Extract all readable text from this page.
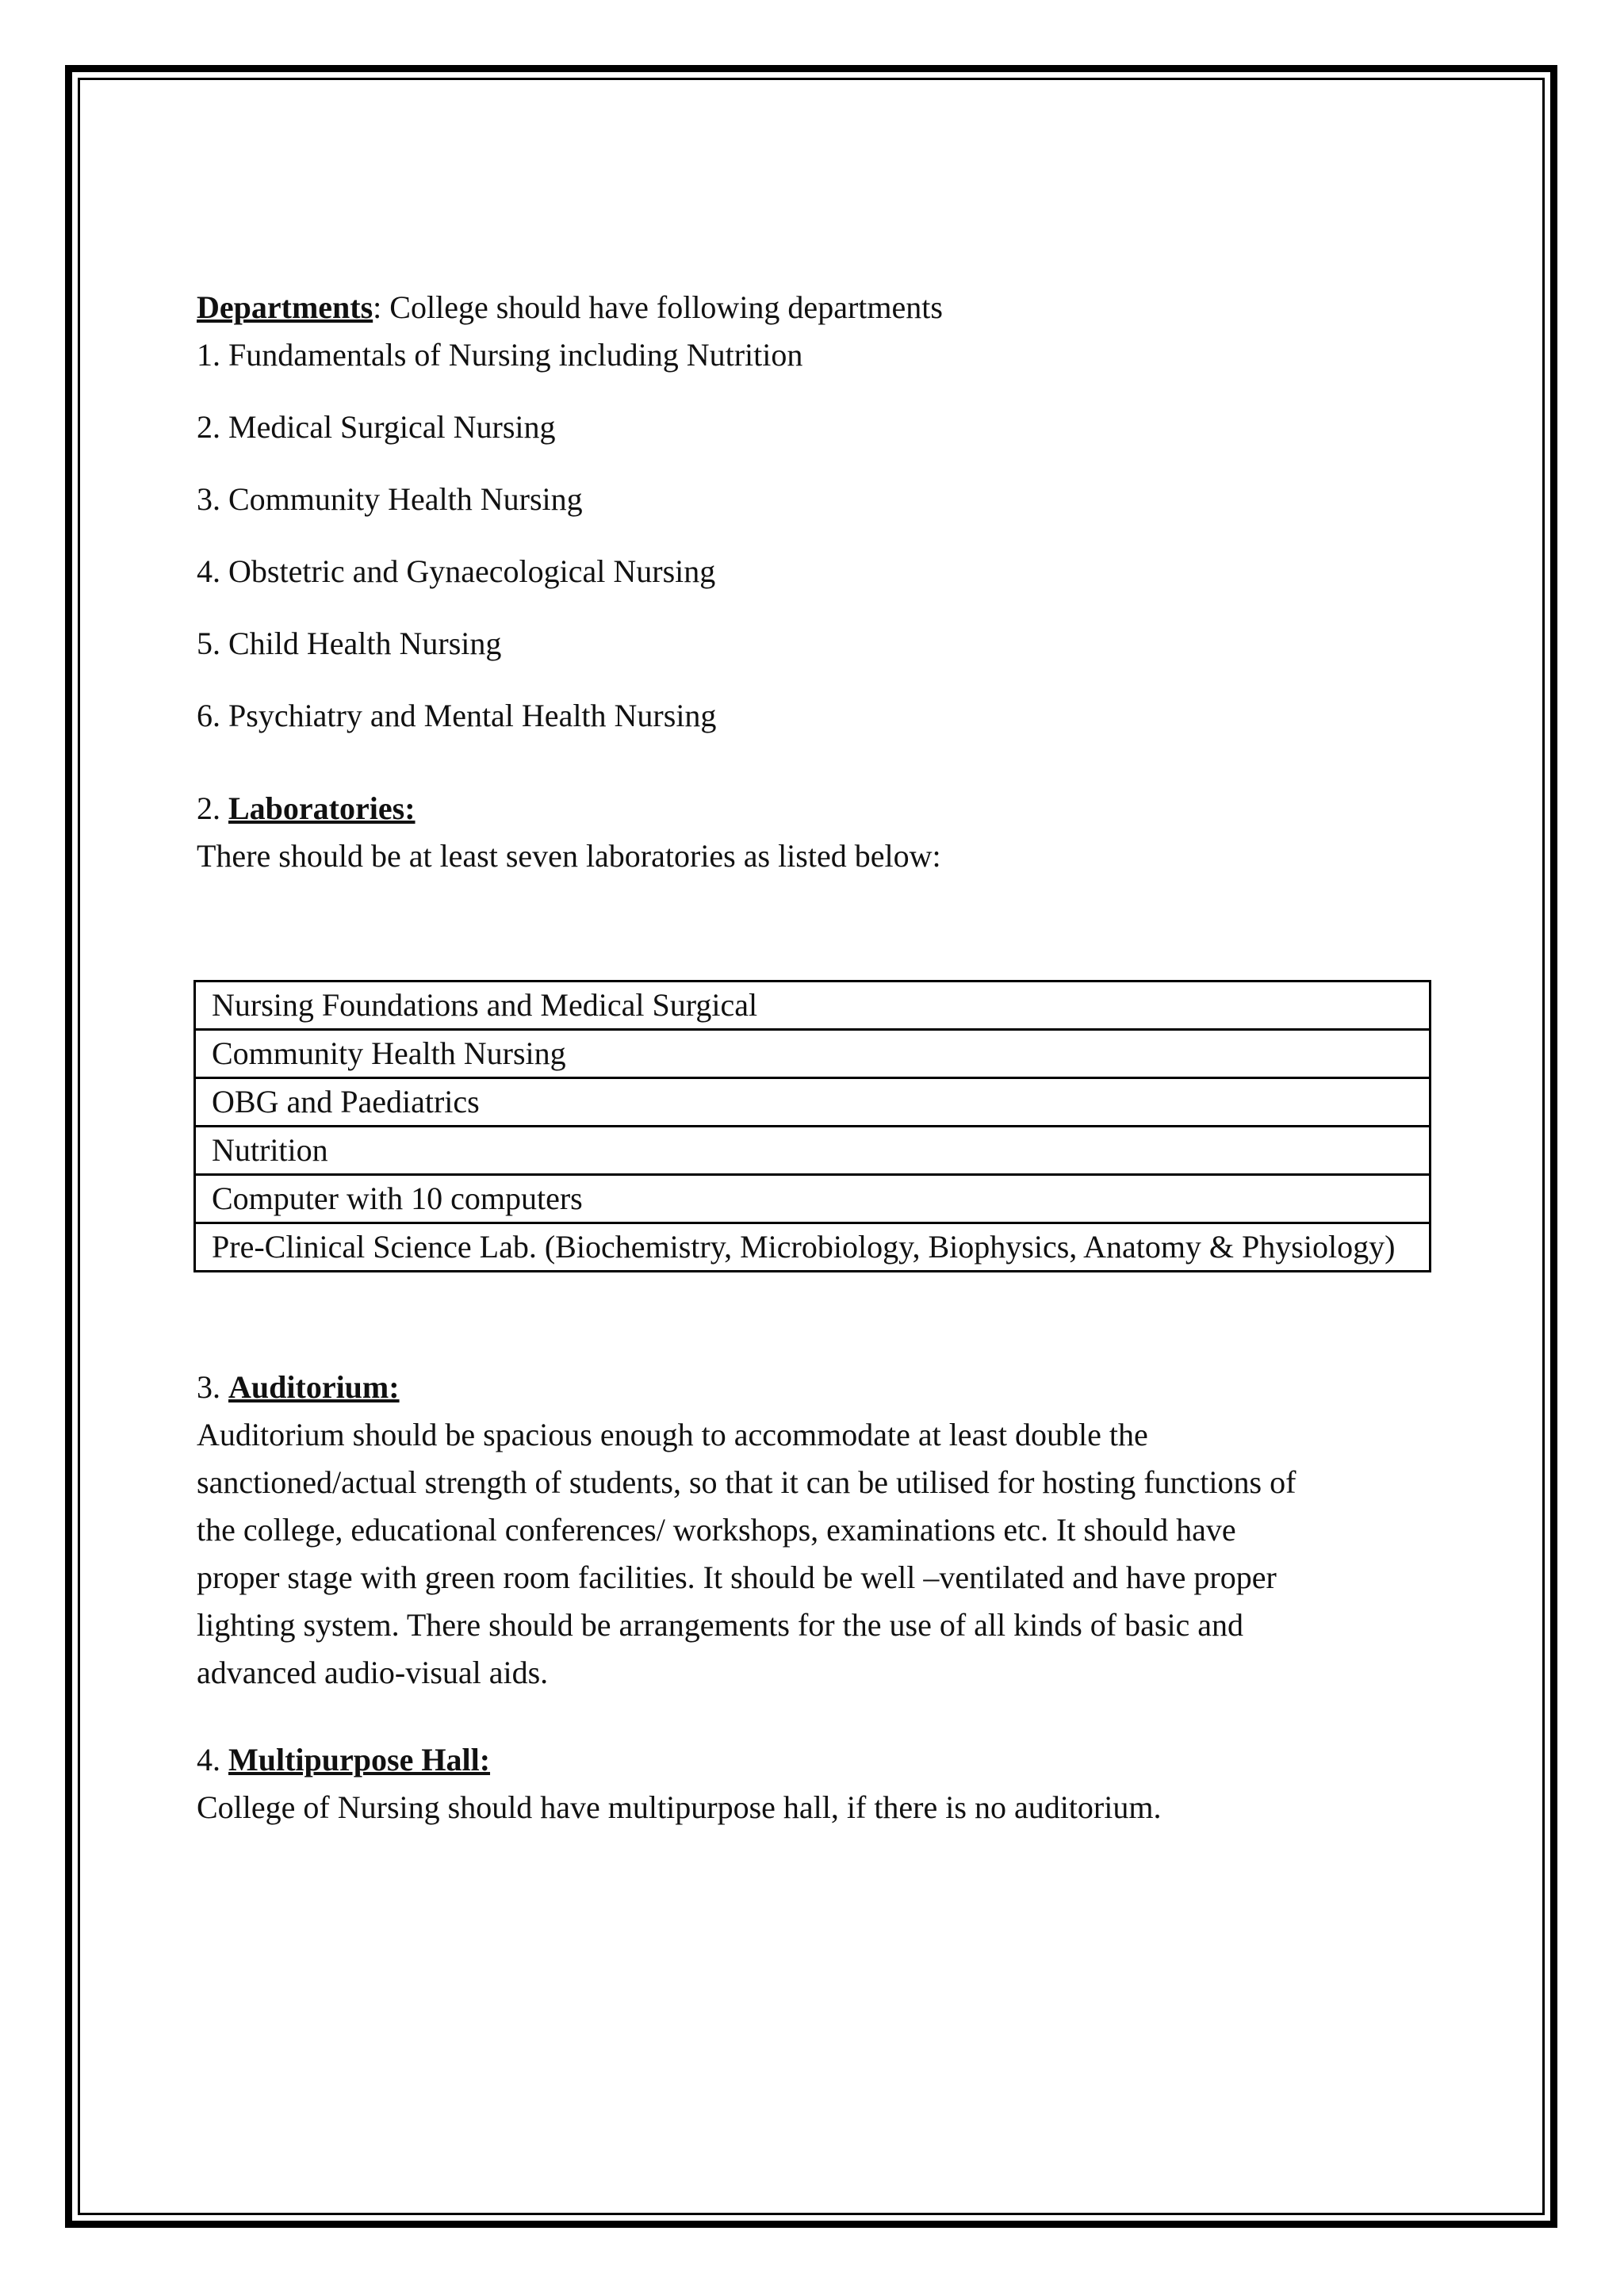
Departments: College should have following departments
1. Fundamentals of Nursing including Nutrition
2. Medical Surgical Nursing
3. Community Health Nursing
4. Obstetric and Gynaecological Nursing
5. Child Health Nursing
6. Psychiatry and Mental Health Nursing
2. Laboratories:
There should be at least seven laboratories as listed below:
Nursing Foundations and Medical Surgical
Community Health Nursing
OBG and Paediatrics
Nutrition
Computer with 10 computers
Pre-Clinical Science Lab. (Biochemistry, Microbiology, Biophysics, Anatomy & Physiology)
3. Auditorium:
Auditorium should be spacious enough to accommodate at least double the
sanctioned/actual strength of students, so that it can be utilised for hosting functions of
the college, educational conferences/ workshops, examinations etc. It should have
proper stage with green room facilities. It should be well –ventilated and have proper
lighting system. There should be arrangements for the use of all kinds of basic and
advanced audio-visual aids.
4. Multipurpose Hall:
College of Nursing should have multipurpose hall, if there is no auditorium.
